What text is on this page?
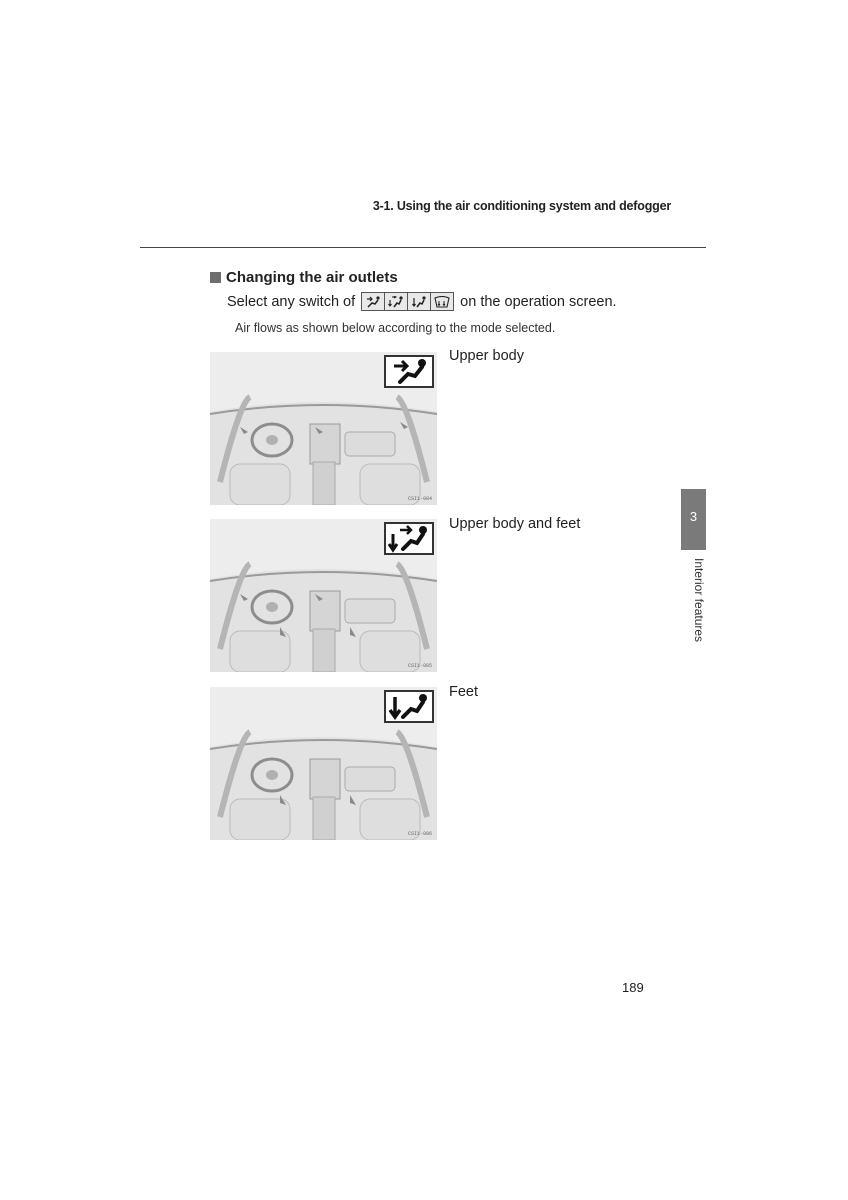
3-1. Using the air conditioning system and defogger
Changing the air outlets
Select any switch of	on the operation screen.
Air flows as shown below according to the mode selected.
CSI1-084
Upper body
CSI1-085
Upper body and feet
CSI1-086
Feet
3
Interior features
189
